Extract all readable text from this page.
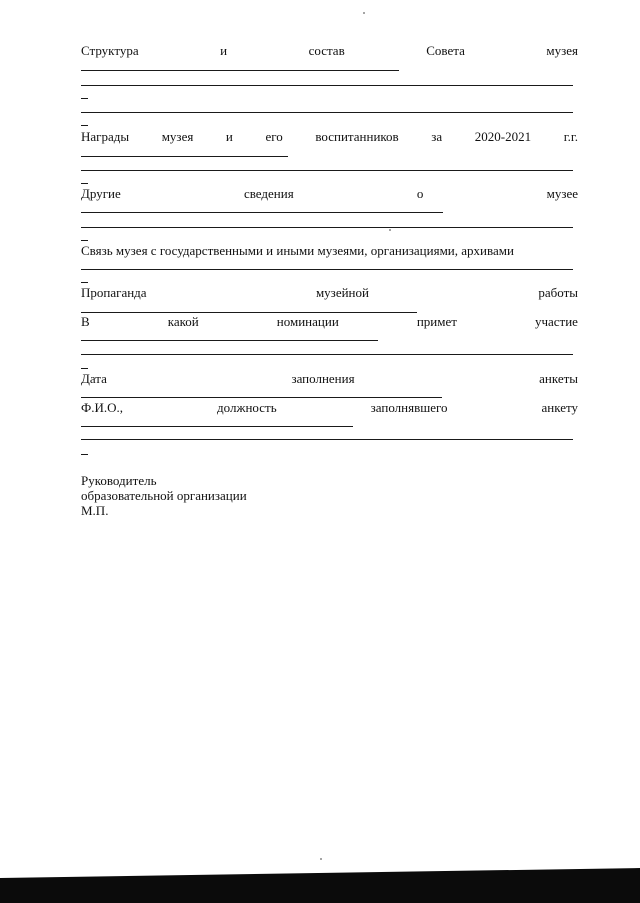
Структура	и	состав	Совета	музея
Награды	музея	и	его	воспитанников	за	2020-2021	г.г.
Другие	сведения	о	музее
Связь музея с государственными и иными музеями, организациями, архивами
Пропаганда	музейной	работы
В	какой	номинации	примет	участие
Дата	заполнения	анкеты
Ф.И.О.,	должность	заполнявшего	анкету
Руководитель
образовательной организации
М.П.
